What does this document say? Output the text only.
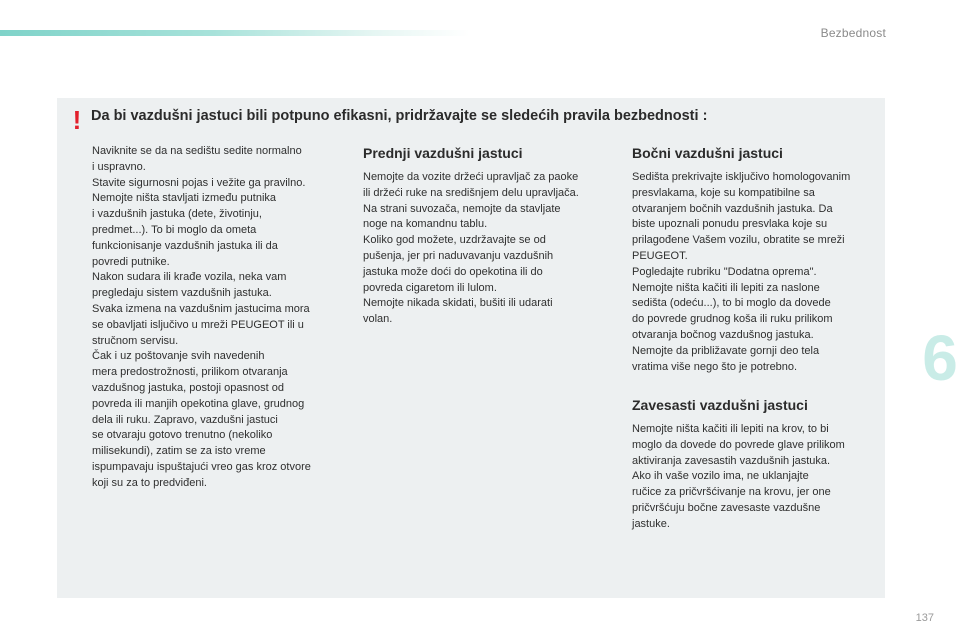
Bezbednost
6
! Da bi vazdušni jastuci bili potpuno efikasni, pridržavajte se sledećih pravila bezbednosti :

Naviknite se da na sedištu sedite normalno
i uspravno.
Stavite sigurnosni pojas i vežite ga pravilno.
Nemojte ništa stavljati između putnika
i vazdušnih jastuka (dete, životinju,
predmet...). To bi moglo da ometa
funkcionisanje vazdušnih jastuka ili da
povredi putnike.
Nakon sudara ili krađe vozila, neka vam
pregledaju sistem vazdušnih jastuka.
Svaka izmena na vazdušnim jastucima mora
se obavljati isljučivo u mreži PEUGEOT ili u
stručnom servisu.
Čak i uz poštovanje svih navedenih
mera predostrožnosti, prilikom otvaranja
vazdušnog jastuka, postoji opasnost od
povreda ili manjih opekotina glave, grudnog
dela ili ruku. Zapravo, vazdušni jastuci
se otvaraju gotovo trenutno (nekoliko
milisekundi), zatim se za isto vreme
ispumpavaju ispuštajući vreo gas kroz otvore
koji su za to predviđeni.

Prednji vazdušni jastuci

Nemojte da vozite držeći upravljač za paoke
ili držeći ruke na središnjem delu upravljača.
Na strani suvozača, nemojte da stavljate
noge na komandnu tablu.
Koliko god možete, uzdržavajte se od
pušenja, jer pri naduvavanju vazdušnih
jastuka može doći do opekotina ili do
povreda cigaretom ili lulom.
Nemojte nikada skidati, bušiti ili udarati
volan.

Bočni vazdušni jastuci

Sedišta prekrivajte isključivo homologovanim
presvlakama, koje su kompatibilne sa
otvaranjem bočnih vazdušnih jastuka. Da
biste upoznali ponudu presvlaka koje su
prilagođene Vašem vozilu, obratite se mreži
PEUGEOT.
Pogledajte rubriku "Dodatna oprema".
Nemojte ništa kačiti ili lepiti za naslone
sedišta (odeću...), to bi moglo da dovede
do povrede grudnog koša ili ruku prilikom
otvaranja bočnog vazdušnog jastuka.
Nemojte da približavate gornji deo tela
vratima više nego što je potrebno.

Zavesasti vazdušni jastuci

Nemojte ništa kačiti ili lepiti na krov, to bi
moglo da dovede do povrede glave prilikom
aktiviranja zavesastih vazdušnih jastuka.
Ako ih vaše vozilo ima, ne uklanjajte
ručice za pričvršćivanje na krovu, jer one
pričvršćuju bočne zavesaste vazdušne
jastuke.

137
